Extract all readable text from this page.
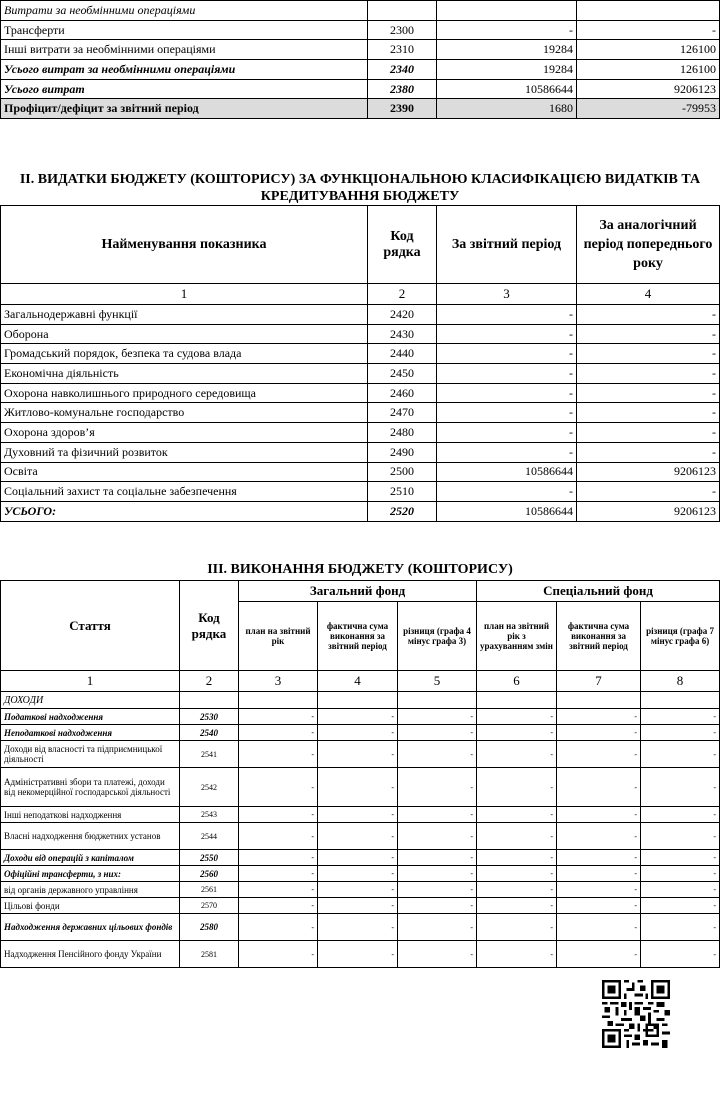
Витрати за необмінними операціями			
Трансферти	2300	-	-
Інші витрати за необмінними операціями	2310	19284	126100
Усього витрат за необмінними операціями	2340	19284	126100
Усього витрат	2380	10586644	9206123
Профіцит/дефіцит за звітний період	2390	1680	-79953
ІІ. ВИДАТКИ БЮДЖЕТУ (КОШТОРИСУ) ЗА ФУНКЦІОНАЛЬНОЮ КЛАСИФІКАЦІЄЮ ВИДАТКІВ ТА
КРЕДИТУВАННЯ БЮДЖЕТУ
Найменування показника	Код рядка	За звітний період	За аналогічний період попереднього року
1	2	3	4
Загальнодержавні функції	2420	-	-
Оборона	2430	-	-
Громадський порядок, безпека та судова влада	2440	-	-
Економічна діяльність	2450	-	-
Охорона навколишнього природного середовища	2460	-	-
Житлово-комунальне господарство	2470	-	-
Охорона здоров’я	2480	-	-
Духовний та фізичний розвиток	2490	-	-
Освіта	2500	10586644	9206123
Соціальний захист та соціальне забезпечення	2510	-	-
УСЬОГО:	2520	10586644	9206123
ІІІ. ВИКОНАННЯ БЮДЖЕТУ (КОШТОРИСУ)
Стаття	Код рядка	Загальний фонд			Спеціальний фонд		
		план на звітний рік	фактична сума виконання за звітний період	різниця (графа 4 мінус графа 3)	план на звітний рік з урахуванням змін	фактична сума виконання за звітний період	різниця (графа 7 мінус графа 6)
1	2	3	4	5	6	7	8
ДОХОДИ							
Податкові надходження	2530	-	-	-	-	-	-
Неподаткові надходження	2540	-	-	-	-	-	-
Доходи від власності та підприємницької діяльності	2541	-	-	-	-	-	-
Адміністративні збори та платежі, доходи від некомерційної господарської діяльності	2542	-	-	-	-	-	-
Інші неподаткові надходження	2543	-	-	-	-	-	-
Власні надходження бюджетних установ	2544	-	-	-	-	-	-
Доходи від операцій з капіталом	2550	-	-	-	-	-	-
Офіційні трансферти, з них:	2560	-	-	-	-	-	-
від органів державного управління	2561	-	-	-	-	-	-
Цільові фонди	2570	-	-	-	-	-	-
Надходження державних цільових фондів	2580	-	-	-	-	-	-
Надходження Пенсійного фонду України	2581	-	-	-	-	-	-
